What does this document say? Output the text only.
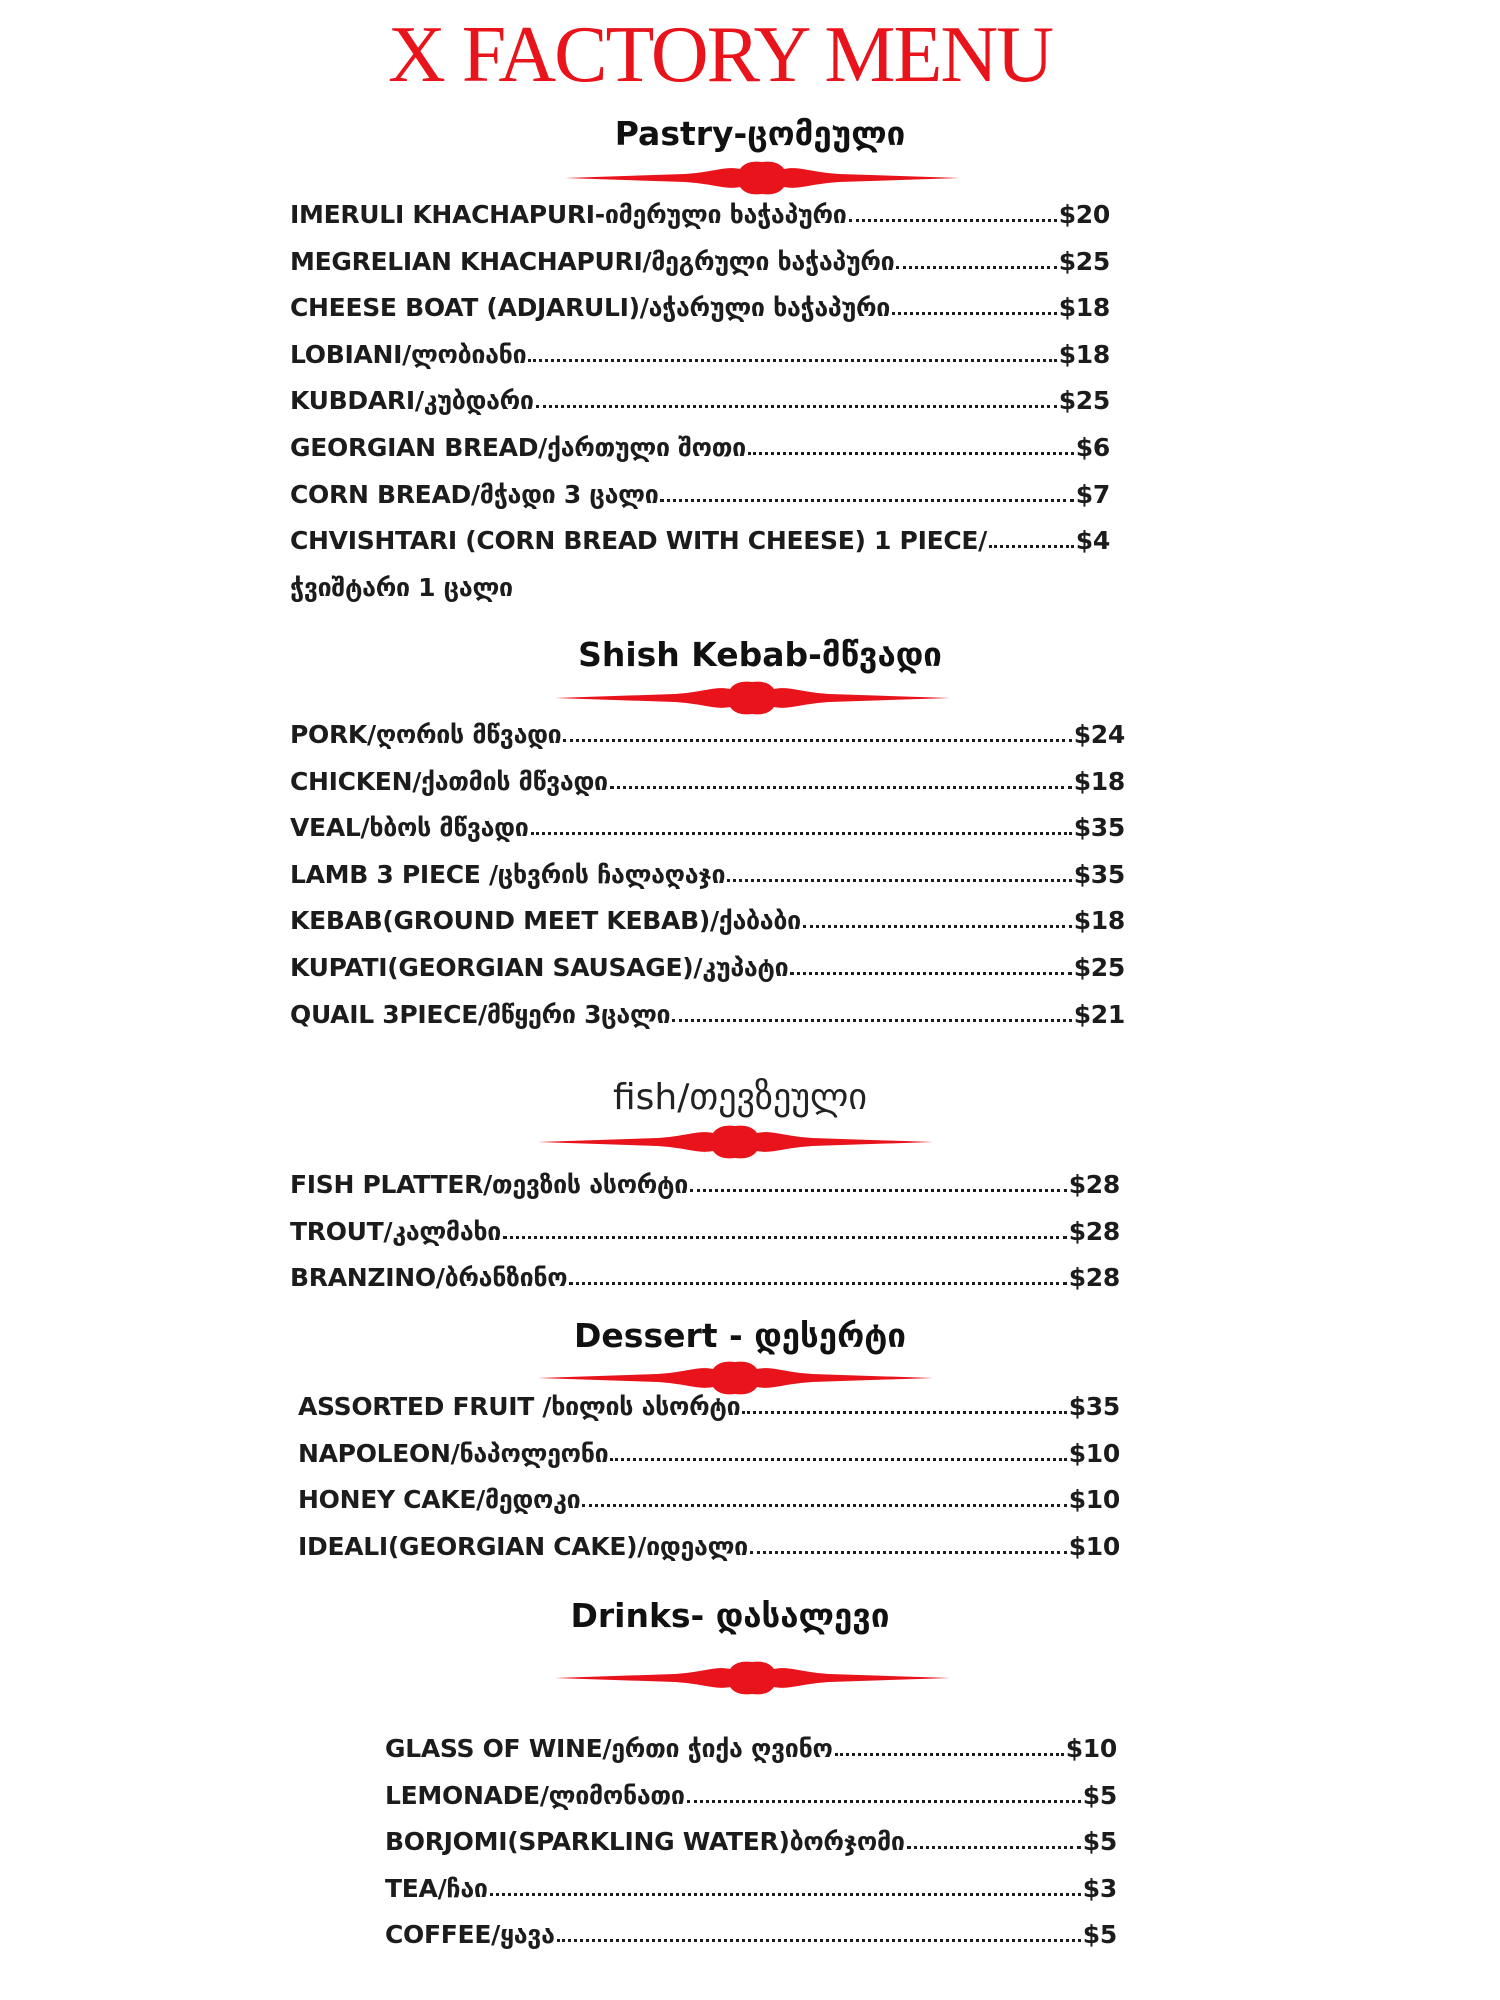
X FACTORY MENU
Pastry-ცომეული
IMERULI KHACHAPURI-იმერული ხაჭაპური	$20
MEGRELIAN KHACHAPURI/მეგრული ხაჭაპური	$25
CHEESE BOAT (ADJARULI)/აჭარული ხაჭაპური	$18
LOBIANI/ლობიანი	$18
KUBDARI/კუბდარი	$25
GEORGIAN BREAD/ქართული შოთი	$6
CORN BREAD/მჭადი 3 ცალი	$7
CHVISHTARI (CORN BREAD WITH CHEESE) 1 PIECE/	$4
ჭვიშტარი 1 ცალი
Shish Kebab-მწვადი
PORK/ღორის მწვადი	$24
CHICKEN/ქათმის მწვადი	$18
VEAL/ხბოს მწვადი	$35
LAMB 3 PIECE /ცხვრის ჩალაღაჯი	$35
KEBAB(GROUND MEET KEBAB)/ქაბაბი	$18
KUPATI(GEORGIAN SAUSAGE)/კუპატი	$25
QUAIL 3PIECE/მწყერი 3ცალი	$21
fish/თევზეული
FISH PLATTER/თევზის ასორტი	$28
TROUT/კალმახი	$28
BRANZINO/ბრანზინო	$28
Dessert - დესერტი
ASSORTED FRUIT /ხილის ასორტი	$35
NAPOLEON/ნაპოლეონი	$10
HONEY CAKE/მედოკი	$10
IDEALI(GEORGIAN CAKE)/იდეალი	$10
Drinks- დასალევი
GLASS OF WINE/ერთი ჭიქა ღვინო	$10
LEMONADE/ლიმონათი	$5
BORJOMI(SPARKLING WATER)ბორჯომი	$5
TEA/ჩაი	$3
COFFEE/ყავა	$5
